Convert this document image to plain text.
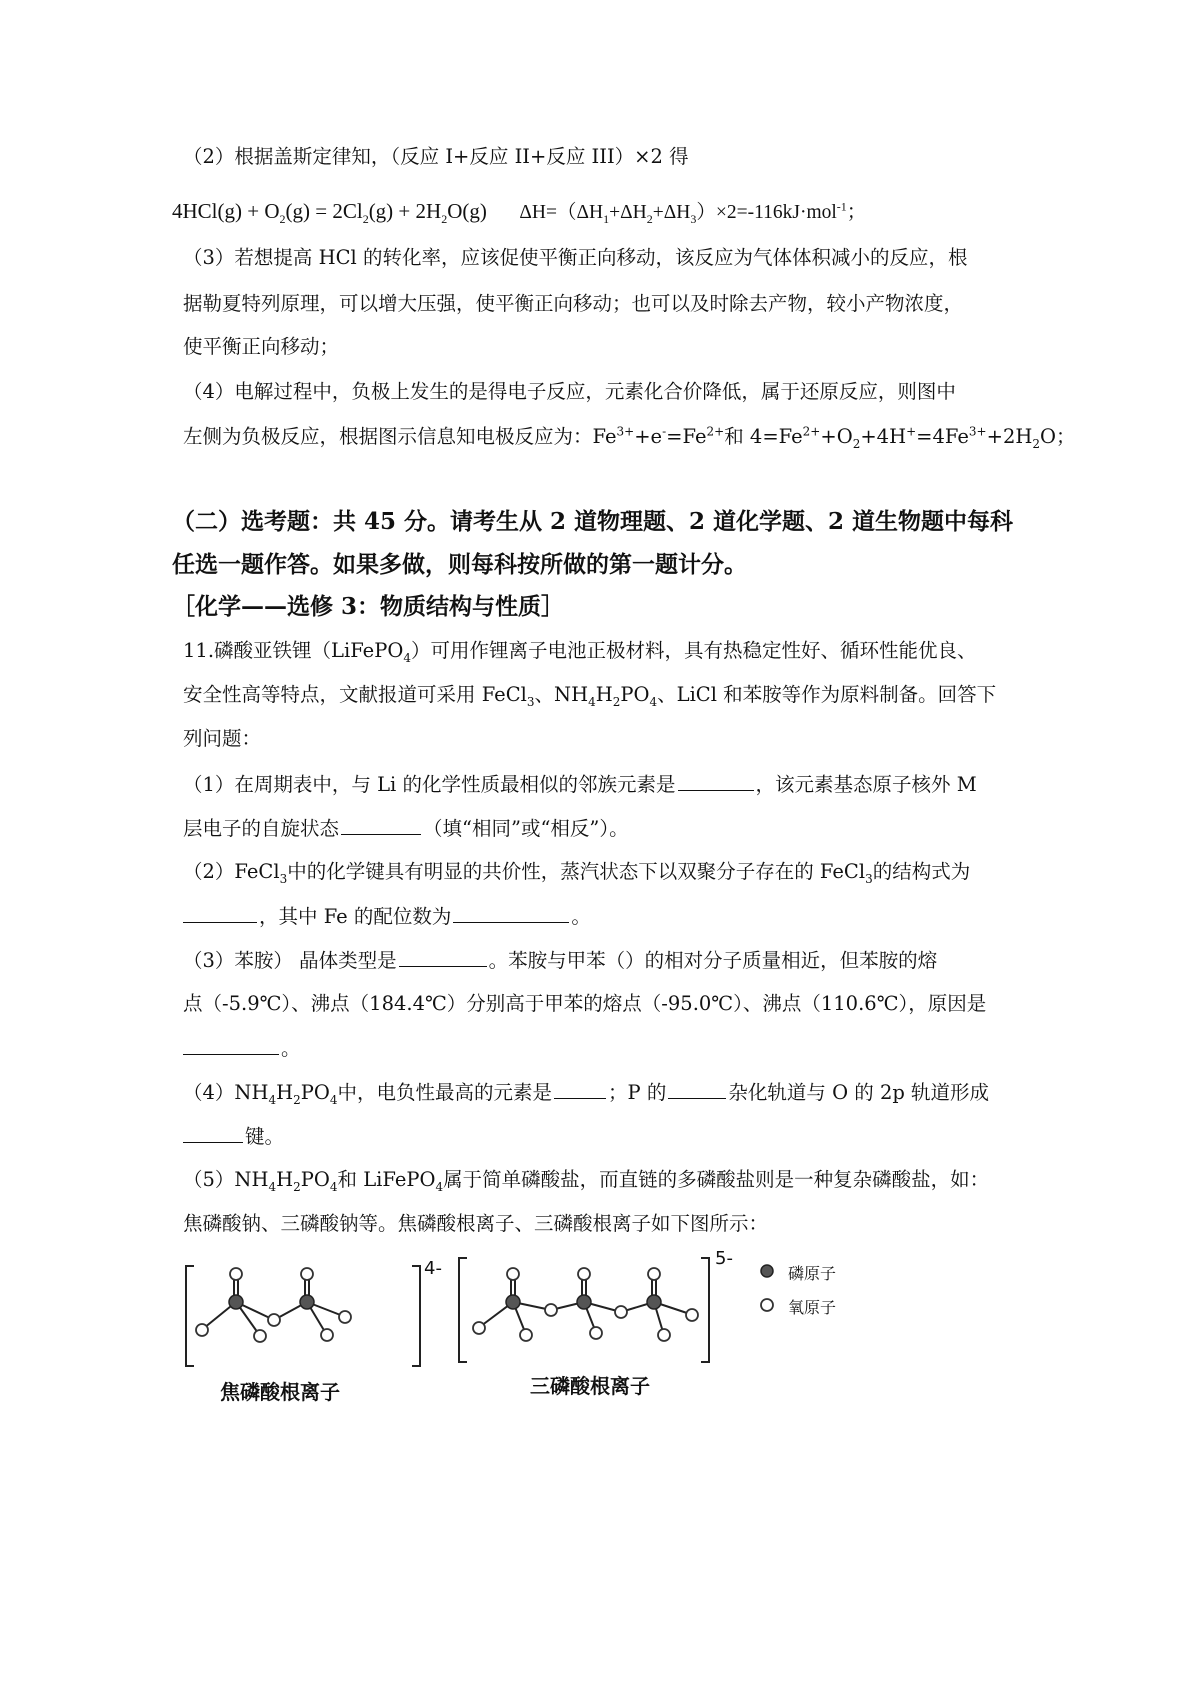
（2）根据盖斯定律知，（反应 I+反应 II+反应 III）×2 得
$4HCl(g) + O_2(g) = 2Cl_2(g) + 2H_2O(g)$ $\Delta H=(\Delta H_1+\Delta H_2+\Delta H_3)\times 2=-116kJ\cdot mol^{-1}$；
（3）若想提高 HCl 的转化率，应该促使平衡正向移动，该反应为气体体积减小的反应，根
据勒夏特列原理，可以增大压强，使平衡正向移动；也可以及时除去产物，较小产物浓度，
使平衡正向移动；
（4）电解过程中，负极上发生的是得电子反应，元素化合价降低，属于还原反应，则图中
左侧为负极反应，根据图示信息知电极反应为：$Fe^{3+}+e^-=Fe^{2+}$和 $4=Fe^{2+}+O_2+4H^+=4Fe^{3+}+2H_2O$；
（二）选考题：共 45 分。请考生从 2 道物理题、2 道化学题、2 道生物题中每科
任选一题作答。如果多做，则每科按所做的第一题计分。
［化学——选修 3：物质结构与性质］
11.磷酸亚铁锂（LiFePO$_4$）可用作锂离子电池正极材料，具有热稳定性好、循环性能优良、
安全性高等特点，文献报道可采用 FeCl$_3$、$NH_4H_2PO_4$、LiCl 和苯胺等作为原料制备。回答下
列问题：
（1）在周期表中，与 Li 的化学性质最相似的邻族元素是	，该元素基态原子核外 M
层电子的自旋状态	（填“相同”或“相反”）。
（2）FeCl$_3$中的化学键具有明显的共价性，蒸汽状态下以双聚分子存在的 FeCl$_3$的结构式为
，其中 Fe 的配位数为	。
（3）苯胺） 晶体类型是	。苯胺与甲苯（）的相对分子质量相近，但苯胺的熔
点（-5.9℃）、沸点（184.4℃）分别高于甲苯的熔点（-95.0℃）、沸点（110.6℃），原因是
。
$(4)NH_4H_2PO_4$中，电负性最高的元素是	；P 的	杂化轨道与 O 的 2p 轨道形成
键。
$(5)NH_4H_2PO_4$和 LiFePO$_4$属于简单磷酸盐，而直链的多磷酸盐则是一种复杂磷酸盐，如：
焦磷酸钠、三磷酸钠等。焦磷酸根离子、三磷酸根离子如下图所示：
4-
焦磷酸根离子
5-
三磷酸根离子
磷原子
氧原子
